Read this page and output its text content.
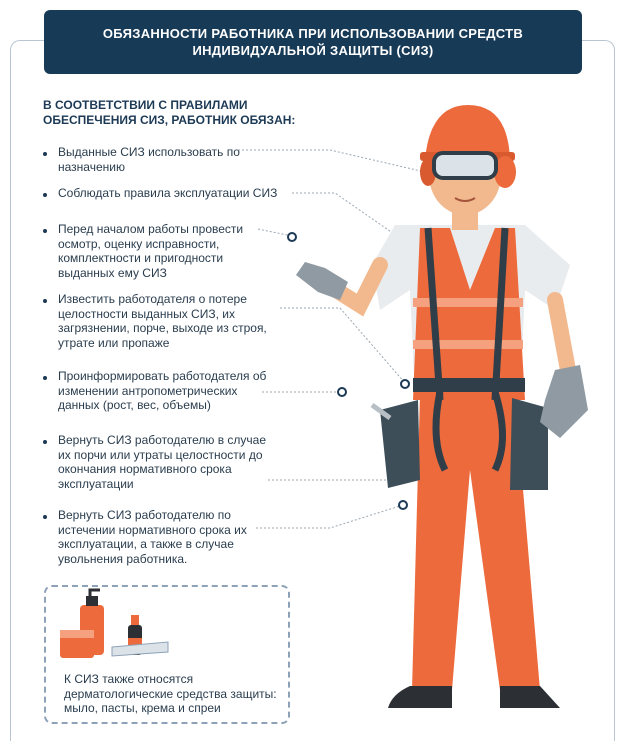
ОБЯЗАННОСТИ РАБОТНИКА ПРИ ИСПОЛЬЗОВАНИИ СРЕДСТВ ИНДИВИДУАЛЬНОЙ ЗАЩИТЫ (СИЗ)
В СООТВЕТСТВИИ С ПРАВИЛАМИ ОБЕСПЕЧЕНИЯ СИЗ, РАБОТНИК ОБЯЗАН:
Выданные СИЗ использовать по назначению
Соблюдать правила эксплуатации СИЗ
Перед началом работы провести осмотр, оценку исправности, комплектности и пригодности выданных ему СИЗ
Известить работодателя о потере целостности выданных СИЗ, их загрязнении, порче, выходе из строя, утрате или пропаже
Проинформировать работодателя об изменении антропометрических данных (рост, вес, объемы)
Вернуть СИЗ работодателю в случае их порчи или утраты целостности до окончания нормативного срока эксплуатации
Вернуть СИЗ работодателю по истечении нормативного срока их эксплуатации, а также в случае увольнения работника.
К СИЗ также относятся дерматологические средства защиты: мыло, пасты, крема и спреи
